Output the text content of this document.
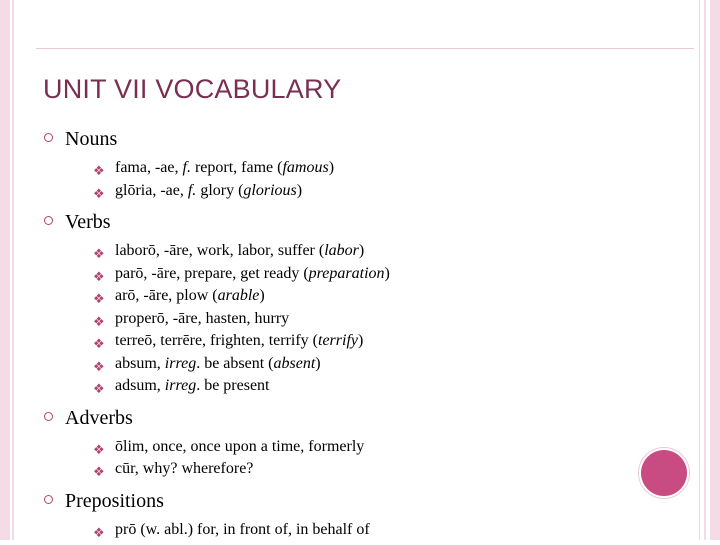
UNIT VII VOCABULARY
Nouns
❖ fama, -ae, f. report, fame (famous)
❖ glōria, -ae, f. glory (glorious)
Verbs
❖ laborō, -āre, work, labor, suffer (labor)
❖ parō, -āre, prepare, get ready (preparation)
❖ arō, -āre, plow (arable)
❖ properō, -āre, hasten, hurry
❖ terreō, terrēre, frighten, terrify (terrify)
❖ absum, irreg. be absent (absent)
❖ adsum, irreg. be present
Adverbs
❖ ōlim, once, once upon a time, formerly
❖ cūr, why? wherefore?
Prepositions
❖ prō (w. abl.) for, in front of, in behalf of
